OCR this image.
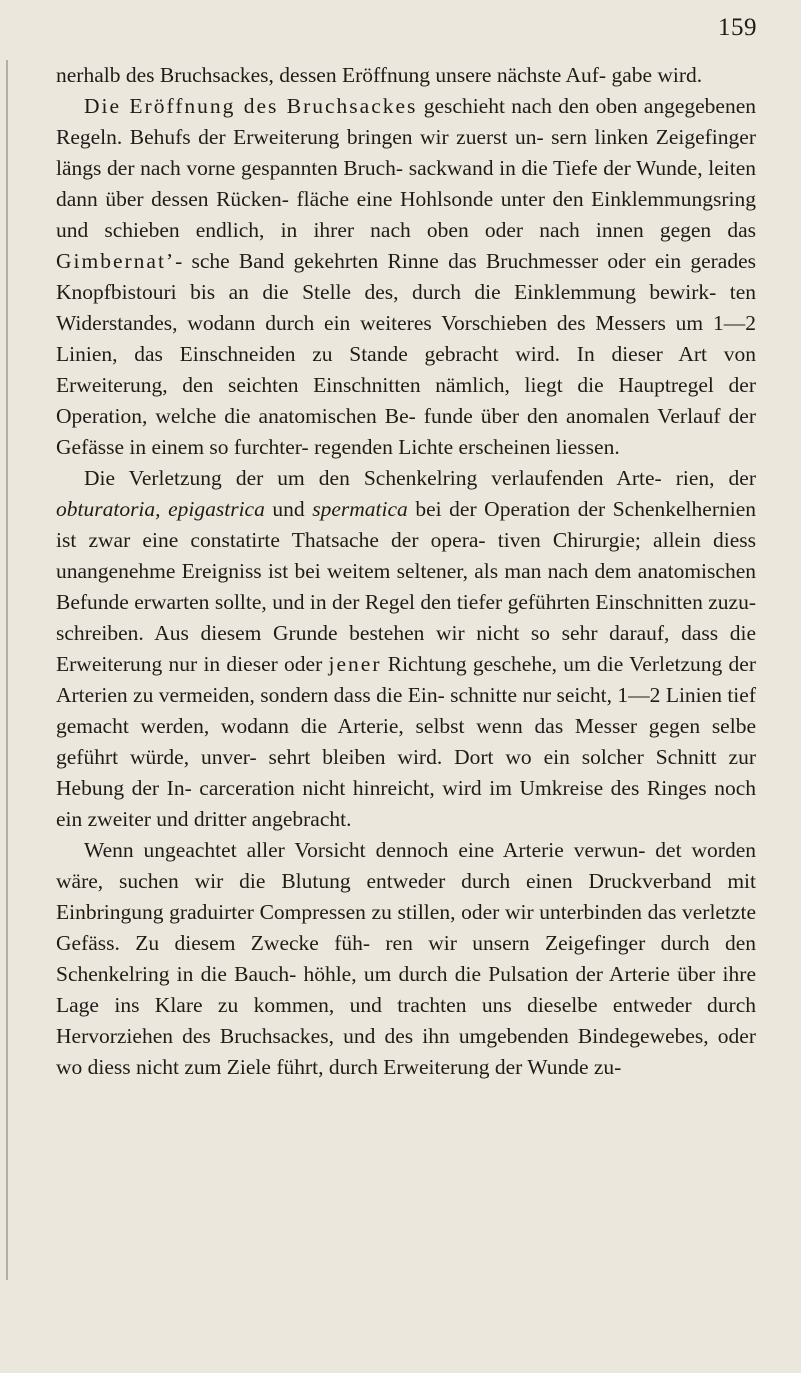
159

nerhalb des Bruchsackes, dessen Eröffnung unsere nächste Auf- gabe wird.

Die Eröffnung des Bruchsackes geschieht nach den oben angegebenen Regeln. Behufs der Erweiterung bringen wir zuerst un- sern linken Zeigefinger längs der nach vorne gespannten Bruch- sackwand in die Tiefe der Wunde, leiten dann über dessen Rücken- fläche eine Hohlsonde unter den Einklemmungsring und schieben endlich, in ihrer nach oben oder nach innen gegen das Gimbernat’- sche Band gekehrten Rinne das Bruchmesser oder ein gerades Knopfbistouri bis an die Stelle des, durch die Einklemmung bewirk- ten Widerstandes, wodann durch ein weiteres Vorschieben des Messers um 1—2 Linien, das Einschneiden zu Stande gebracht wird. In dieser Art von Erweiterung, den seichten Einschnitten nämlich, liegt die Hauptregel der Operation, welche die anatomischen Be- funde über den anomalen Verlauf der Gefässe in einem so furchter- regenden Lichte erscheinen liessen.

Die Verletzung der um den Schenkelring verlaufenden Arte- rien, der obturatoria, epigastrica und spermatica bei der Operation der Schenkelhernien ist zwar eine constatirte Thatsache der opera- tiven Chirurgie; allein diess unangenehme Ereigniss ist bei weitem seltener, als man nach dem anatomischen Befunde erwarten sollte, und in der Regel den tiefer geführten Einschnitten zuzu- schreiben. Aus diesem Grunde bestehen wir nicht so sehr darauf, dass die Erweiterung nur in dieser oder jener Richtung geschehe, um die Verletzung der Arterien zu vermeiden, sondern dass die Ein- schnitte nur seicht, 1—2 Linien tief gemacht werden, wodann die Arterie, selbst wenn das Messer gegen selbe geführt würde, unver- sehrt bleiben wird. Dort wo ein solcher Schnitt zur Hebung der In- carceration nicht hinreicht, wird im Umkreise des Ringes noch ein zweiter und dritter angebracht.

Wenn ungeachtet aller Vorsicht dennoch eine Arterie verwun- det worden wäre, suchen wir die Blutung entweder durch einen Druckverband mit Einbringung graduirter Compressen zu stillen, oder wir unterbinden das verletzte Gefäss. Zu diesem Zwecke füh- ren wir unsern Zeigefinger durch den Schenkelring in die Bauch- höhle, um durch die Pulsation der Arterie über ihre Lage ins Klare zu kommen, und trachten uns dieselbe entweder durch Hervorziehen des Bruchsackes, und des ihn umgebenden Bindegewebes, oder wo diess nicht zum Ziele führt, durch Erweiterung der Wunde zu-
